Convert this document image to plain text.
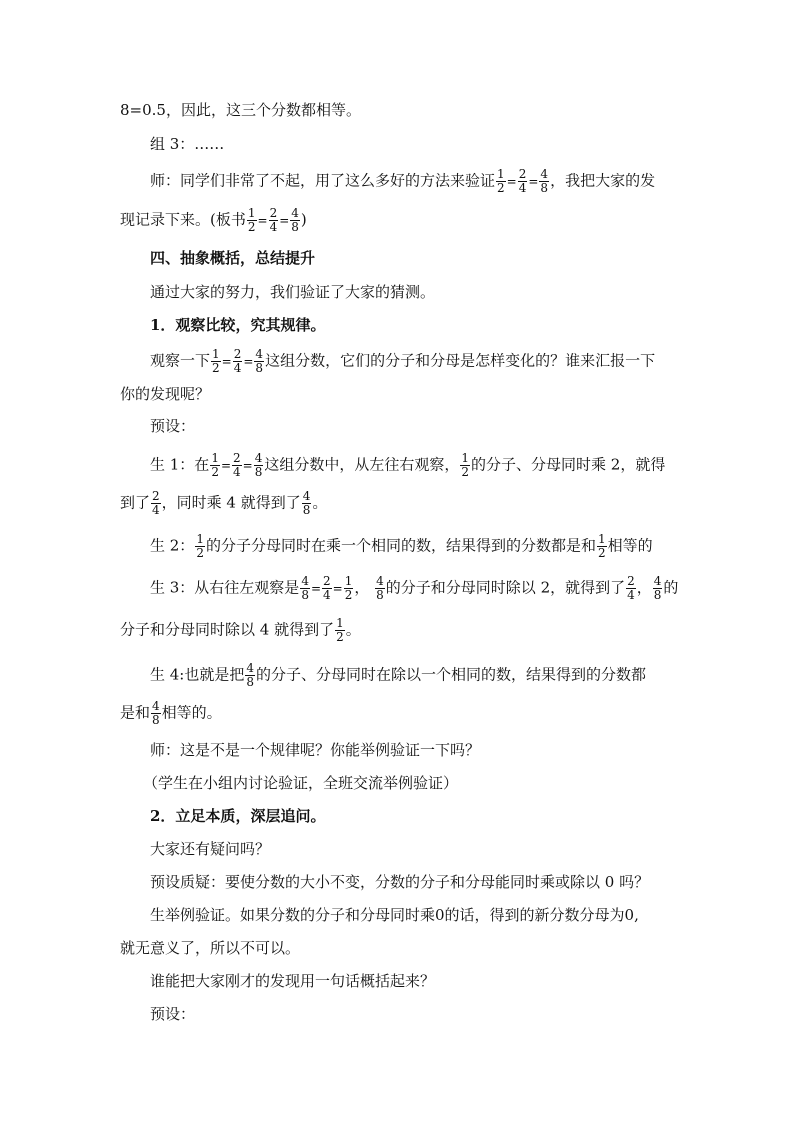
8=0.5，因此，这三个分数都相等。
组 3：……
师：同学们非常了不起，用了这么多好的方法来验证 $\frac{1}{2} = \frac{2}{4} = \frac{4}{8}$ ，我把大家的发
现记录下来。(板书 $\frac{1}{2} = \frac{2}{4} = \frac{4}{8}$ )
四、抽象概括，总结提升
通过大家的努力，我们验证了大家的猜测。
1．观察比较，究其规律。
观察一下 $\frac{1}{2} = \frac{2}{4} = \frac{4}{8}$ 这组分数，它们的分子和分母是怎样变化的？谁来汇报一下
你的发现呢？
预设：
生 1：在 $\frac{1}{2} = \frac{2}{4} = \frac{4}{8}$ 这组分数中，从左往右观察， $\frac{1}{2}$ 的分子、分母同时乘 2，就得
到了 $\frac{2}{4}$ ，同时乘 4 就得到了 $\frac{4}{8}$ 。
生 2： $\frac{1}{2}$ 的分子分母同时在乘一个相同的数，结果得到的分数都是和 $\frac{1}{2}$ 相等的
生 3：从右往左观察是 $\frac{4}{8} = \frac{2}{4} = \frac{1}{2}$ ， $\frac{4}{8}$ 的分子和分母同时除以 2，就得到了 $\frac{2}{4}$ ， $\frac{4}{8}$ 的
分子和分母同时除以 4 就得到了 $\frac{1}{2}$ 。
生 4:也就是把 $\frac{4}{8}$ 的分子、分母同时在除以一个相同的数，结果得到的分数都
是和 $\frac{4}{8}$ 相等的。
师：这是不是一个规律呢？你能举例验证一下吗？
（学生在小组内讨论验证，全班交流举例验证）
2．立足本质，深层追问。
大家还有疑问吗？
预设质疑：要使分数的大小不变，分数的分子和分母能同时乘或除以 0 吗？
生举例验证。如果分数的分子和分母同时乘0的话，得到的新分数分母为0,
就无意义了，所以不可以。
谁能把大家刚才的发现用一句话概括起来？
预设：
